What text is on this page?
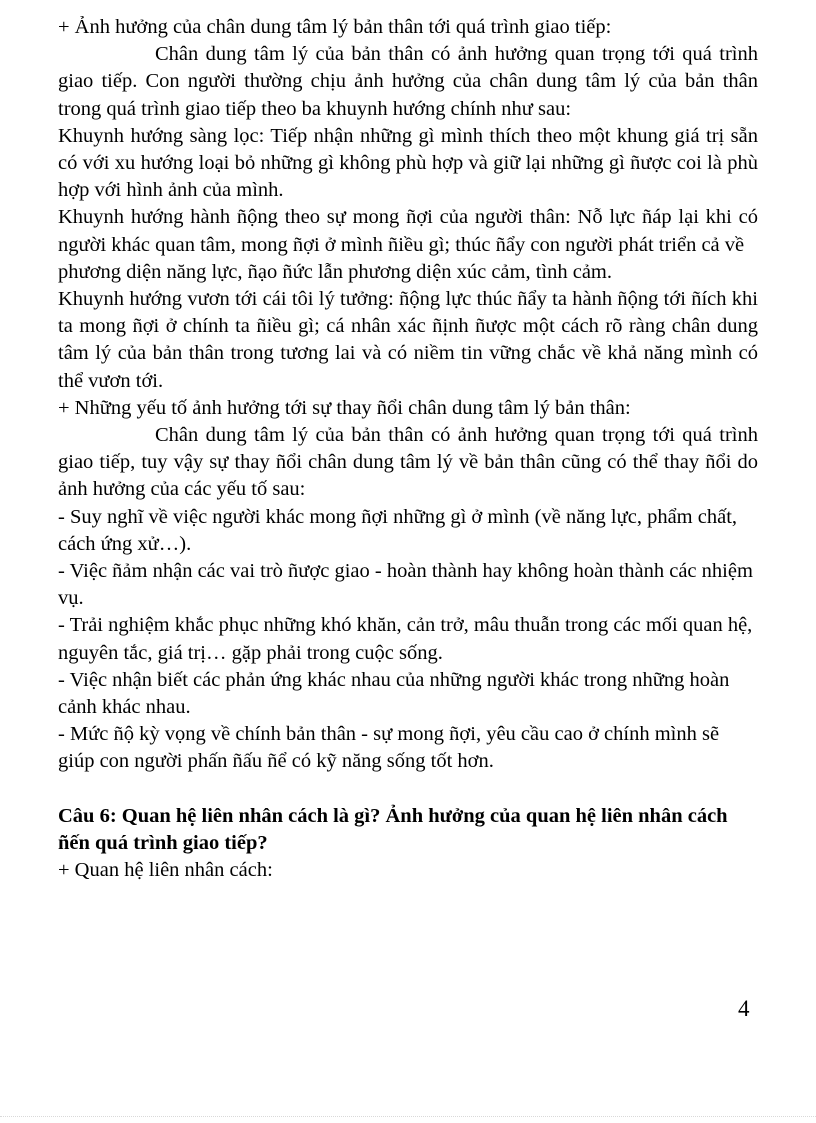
+ Ảnh hưởng của chân dung tâm lý bản thân tới quá trình giao tiếp:

Chân dung tâm lý của bản thân có ảnh hưởng quan trọng tới quá trình giao tiếp. Con người thường chịu ảnh hưởng của chân dung tâm lý của bản thân trong quá trình giao tiếp theo ba khuynh hướng chính như sau:

Khuynh hướng sàng lọc: Tiếp nhận những gì mình thích theo một khung giá trị sẵn có với xu hướng loại bỏ những gì không phù hợp và giữ lại những gì ñược coi là phù hợp với hình ảnh của mình.

Khuynh hướng hành ñộng theo sự mong ñợi của người thân: Nỗ lực ñáp lại khi có người khác quan tâm, mong ñợi ở mình ñiều gì; thúc ñẩy con người phát triển cả về

phương diện năng lực, ñạo ñức lẫn phương diện xúc cảm, tình cảm.

Khuynh hướng vươn tới cái tôi lý tưởng: ñộng lực thúc ñẩy ta hành ñộng tới ñích khi ta mong ñợi ở chính ta ñiều gì; cá nhân xác ñịnh ñược một cách rõ ràng chân dung tâm lý của bản thân trong tương lai và có niềm tin vững chắc về khả năng mình có thể vươn tới.

+ Những yếu tố ảnh hưởng tới sự thay ñổi chân dung tâm lý bản thân:

Chân dung tâm lý của bản thân có ảnh hưởng quan trọng tới quá trình giao tiếp, tuy vậy sự thay ñổi chân dung tâm lý về bản thân cũng có thể thay ñổi do ảnh hưởng của các yếu tố sau:

- Suy nghĩ về việc người khác mong ñợi những gì ở mình (về năng lực, phẩm chất, cách ứng xử…).

- Việc ñảm nhận các vai trò ñược giao - hoàn thành hay không hoàn thành các nhiệm vụ.

- Trải nghiệm khắc phục những khó khăn, cản trở, mâu thuẫn trong các mối quan hệ, nguyên tắc, giá trị… gặp phải trong cuộc sống.

- Việc nhận biết các phản ứng khác nhau của những người khác trong những hoàn cảnh khác nhau.

- Mức ñộ kỳ vọng về chính bản thân - sự mong ñợi, yêu cầu cao ở chính mình sẽ giúp con người phấn ñấu ñể có kỹ năng sống tốt hơn.

Câu 6: Quan hệ liên nhân cách là gì? Ảnh hưởng của quan hệ liên nhân cách ñến quá trình giao tiếp?

+ Quan hệ liên nhân cách:

4
